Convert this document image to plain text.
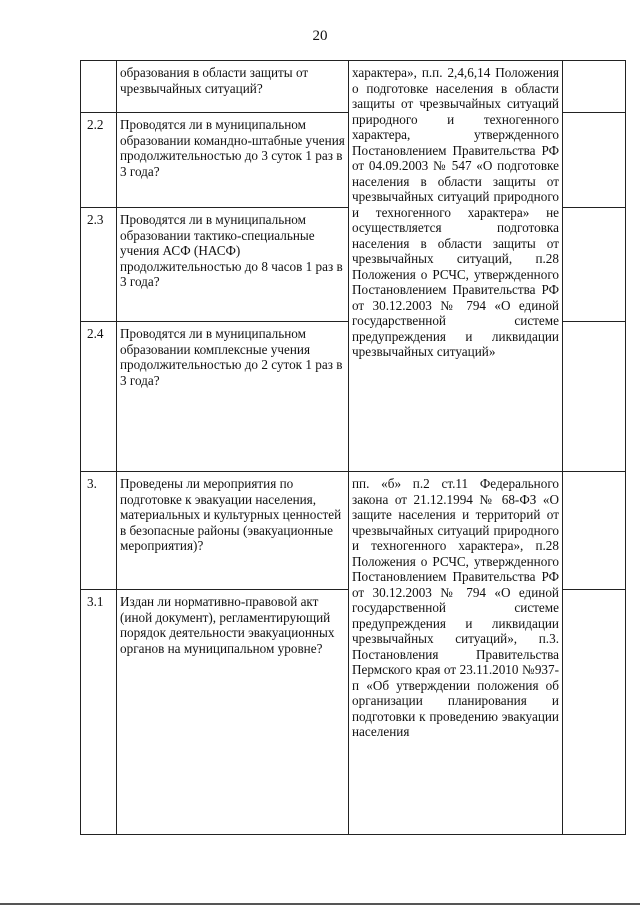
20
	образования в области защиты от чрезвычайных ситуаций?	характера», п.п. 2,4,6,14 Положения о подготовке населения в области защиты от чрезвычайных ситуаций природного и техногенного характера, утвержденного Постановлением Правительства РФ от 04.09.2003 № 547 «О подготовке населения в области защиты от чрезвычайных ситуаций природного и техногенного характера» не осуществляется подготовка населения в области защиты от чрезвычайных ситуаций, п.28 Положения о РСЧС, утвержденного Постановлением Правительства РФ от 30.12.2003 № 794 «О единой государственной системе предупреждения и ликвидации чрезвычайных ситуаций»	
2.2	Проводятся ли в муниципальном образовании командно-штабные учения продолжительностью до 3 суток 1 раз в 3 года?		
2.3	Проводятся ли в муниципальном образовании тактико-специальные учения АСФ (НАСФ) продолжительностью до 8 часов 1 раз в 3 года?		
2.4	Проводятся ли в муниципальном образовании комплексные учения продолжительностью до 2 суток 1 раз в 3 года?		
3.	Проведены ли мероприятия по подготовке к эвакуации населения, материальных и культурных ценностей в безопасные районы (эвакуационные мероприятия)?	пп. «б» п.2 ст.11 Федерального закона от 21.12.1994 № 68-ФЗ «О защите населения и территорий от чрезвычайных ситуаций природного и техногенного характера», п.28 Положения о РСЧС, утвержденного Постановлением Правительства РФ от 30.12.2003 № 794 «О единой государственной системе предупреждения и ликвидации чрезвычайных ситуаций», п.3. Постановления Правительства Пермского края от 23.11.2010 №937-п «Об утверждении положения об организации планирования и подготовки к проведению эвакуации населения	
3.1	Издан ли нормативно-правовой акт (иной документ), регламентирующий порядок деятельности эвакуационных органов на муниципальном уровне?		
